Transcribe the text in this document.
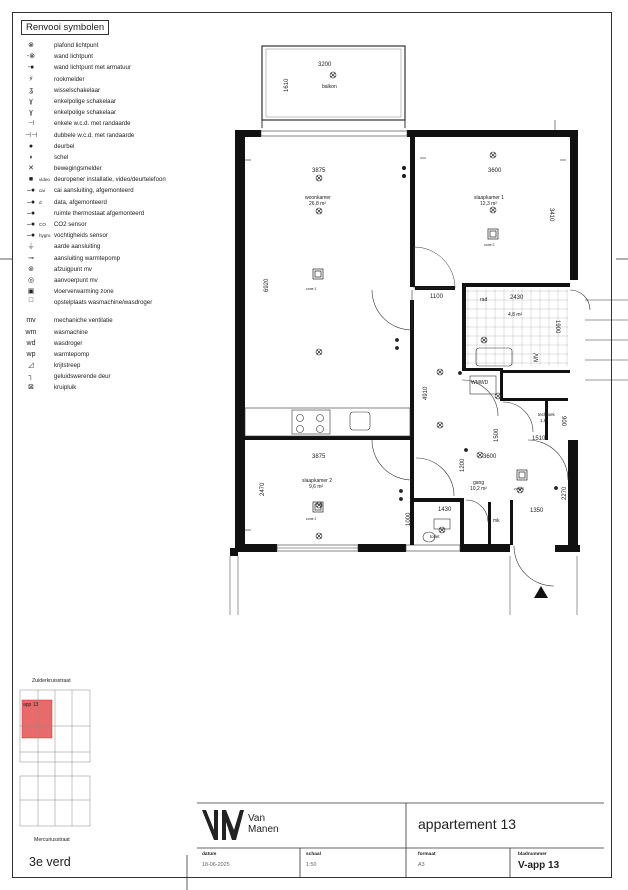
Renvooi symbolen
⊗	plafond lichtpunt
-⊗	wand lichtpunt
-●	wand lichtpunt met armatuur
⚡	rookmelder
ʓ	wisselschakelaar
ɣ	enkelpolige schakelaar
ɣ	enkelpolige schakelaar
⊣	enkele w.c.d. met randaarde
⊣⊣	dubbele w.c.d. met randaarde
●	deurbel
◗	schel
✕	bewegingsmelder
■	video deuropener installatie, video/deurtelefoon
–● cai cai aansluiting, afgemonteerd
–● d data, afgemonteerd
–●	ruimte thermostaat afgemonteerd
–● CO CO2 sensor
–● hygro vochtigheids sensor
⏚	aarde aansluiting
⊸	aansluiting warmtepomp
⊚	afzuigpunt mv
◎	aanvoerpunt mv
▣	vloerverwarming zone
□	opstelplaats wasmachine/wasdroger
mv	mechaniche ventilatie
wm	wasmachine
wd	wasdroger
wp	warmtepomp
◿	krijtstreep
┐	geluidswerende deur
⊠	kruipluik
3200
1610	balkon
3875
woonkamer
26,8 m²
6920	zone 1
3600
slaapkamer 1
12,3 m²
3410
zone 2
3875
slaapkamer 2
9,6 m²
2470
zone 2
1100	rad	2430
4,8 m²
1900
4910
WMWD
MV
1500	1510
techniek
1,6 900
1200
3600
gang
10,2 m²	zone 1	2270
1350
1430
1000
toilet
mk
app 13
Zuiderkruisstraat
Mercuriusstraat
3e verd
Van
Manen	appartement 13
datum
18-06-2025
schaal
1:50
formaat
A3
bladnummer
V-app 13
